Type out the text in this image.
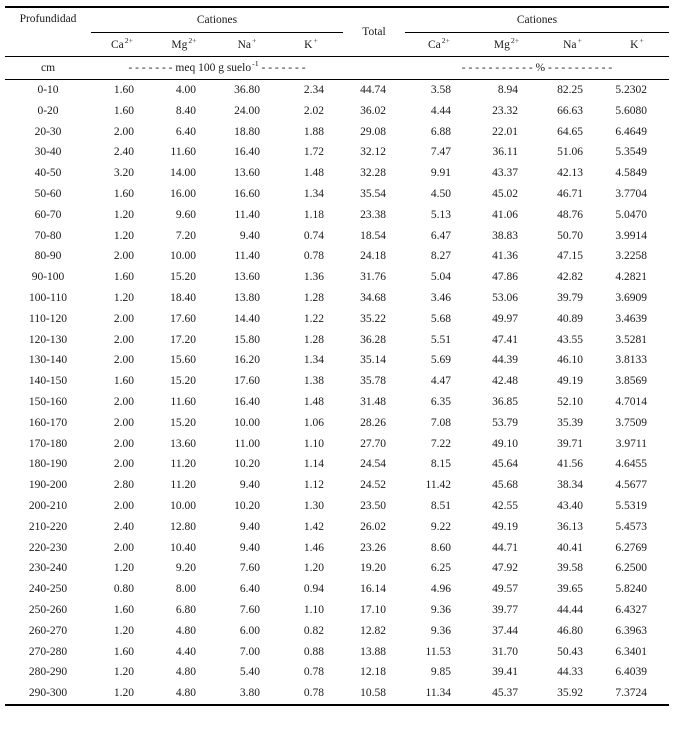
Profundidad	Cationes				Total	Cationes			
	$Ca^{2+}$	$Mg^{2+}$	Na+	K+		$Ca^{2+}$	$Mg^{2+}$	Na+	K+
cm	- - - - - - - meq 100 g suelo$^{-1}$ - - - - - - -					- - - - - - - - - - - % - - - - - - - - - -			
0-10	1.60	4.00	36.80	2.34	44.74	3.58	8.94	82.25	5.2302
0-20	1.60	8.40	24.00	2.02	36.02	4.44	23.32	66.63	5.6080
20-30	2.00	6.40	18.80	1.88	29.08	6.88	22.01	64.65	6.4649
30-40	2.40	11.60	16.40	1.72	32.12	7.47	36.11	51.06	5.3549
40-50	3.20	14.00	13.60	1.48	32.28	9.91	43.37	42.13	4.5849
50-60	1.60	16.00	16.60	1.34	35.54	4.50	45.02	46.71	3.7704
60-70	1.20	9.60	11.40	1.18	23.38	5.13	41.06	48.76	5.0470
70-80	1.20	7.20	9.40	0.74	18.54	6.47	38.83	50.70	3.9914
80-90	2.00	10.00	11.40	0.78	24.18	8.27	41.36	47.15	3.2258
90-100	1.60	15.20	13.60	1.36	31.76	5.04	47.86	42.82	4.2821
100-110	1.20	18.40	13.80	1.28	34.68	3.46	53.06	39.79	3.6909
110-120	2.00	17.60	14.40	1.22	35.22	5.68	49.97	40.89	3.4639
120-130	2.00	17.20	15.80	1.28	36.28	5.51	47.41	43.55	3.5281
130-140	2.00	15.60	16.20	1.34	35.14	5.69	44.39	46.10	3.8133
140-150	1.60	15.20	17.60	1.38	35.78	4.47	42.48	49.19	3.8569
150-160	2.00	11.60	16.40	1.48	31.48	6.35	36.85	52.10	4.7014
160-170	2.00	15.20	10.00	1.06	28.26	7.08	53.79	35.39	3.7509
170-180	2.00	13.60	11.00	1.10	27.70	7.22	49.10	39.71	3.9711
180-190	2.00	11.20	10.20	1.14	24.54	8.15	45.64	41.56	4.6455
190-200	2.80	11.20	9.40	1.12	24.52	11.42	45.68	38.34	4.5677
200-210	2.00	10.00	10.20	1.30	23.50	8.51	42.55	43.40	5.5319
210-220	2.40	12.80	9.40	1.42	26.02	9.22	49.19	36.13	5.4573
220-230	2.00	10.40	9.40	1.46	23.26	8.60	44.71	40.41	6.2769
230-240	1.20	9.20	7.60	1.20	19.20	6.25	47.92	39.58	6.2500
240-250	0.80	8.00	6.40	0.94	16.14	4.96	49.57	39.65	5.8240
250-260	1.60	6.80	7.60	1.10	17.10	9.36	39.77	44.44	6.4327
260-270	1.20	4.80	6.00	0.82	12.82	9.36	37.44	46.80	6.3963
270-280	1.60	4.40	7.00	0.88	13.88	11.53	31.70	50.43	6.3401
280-290	1.20	4.80	5.40	0.78	12.18	9.85	39.41	44.33	6.4039
290-300	1.20	4.80	3.80	0.78	10.58	11.34	45.37	35.92	7.3724
